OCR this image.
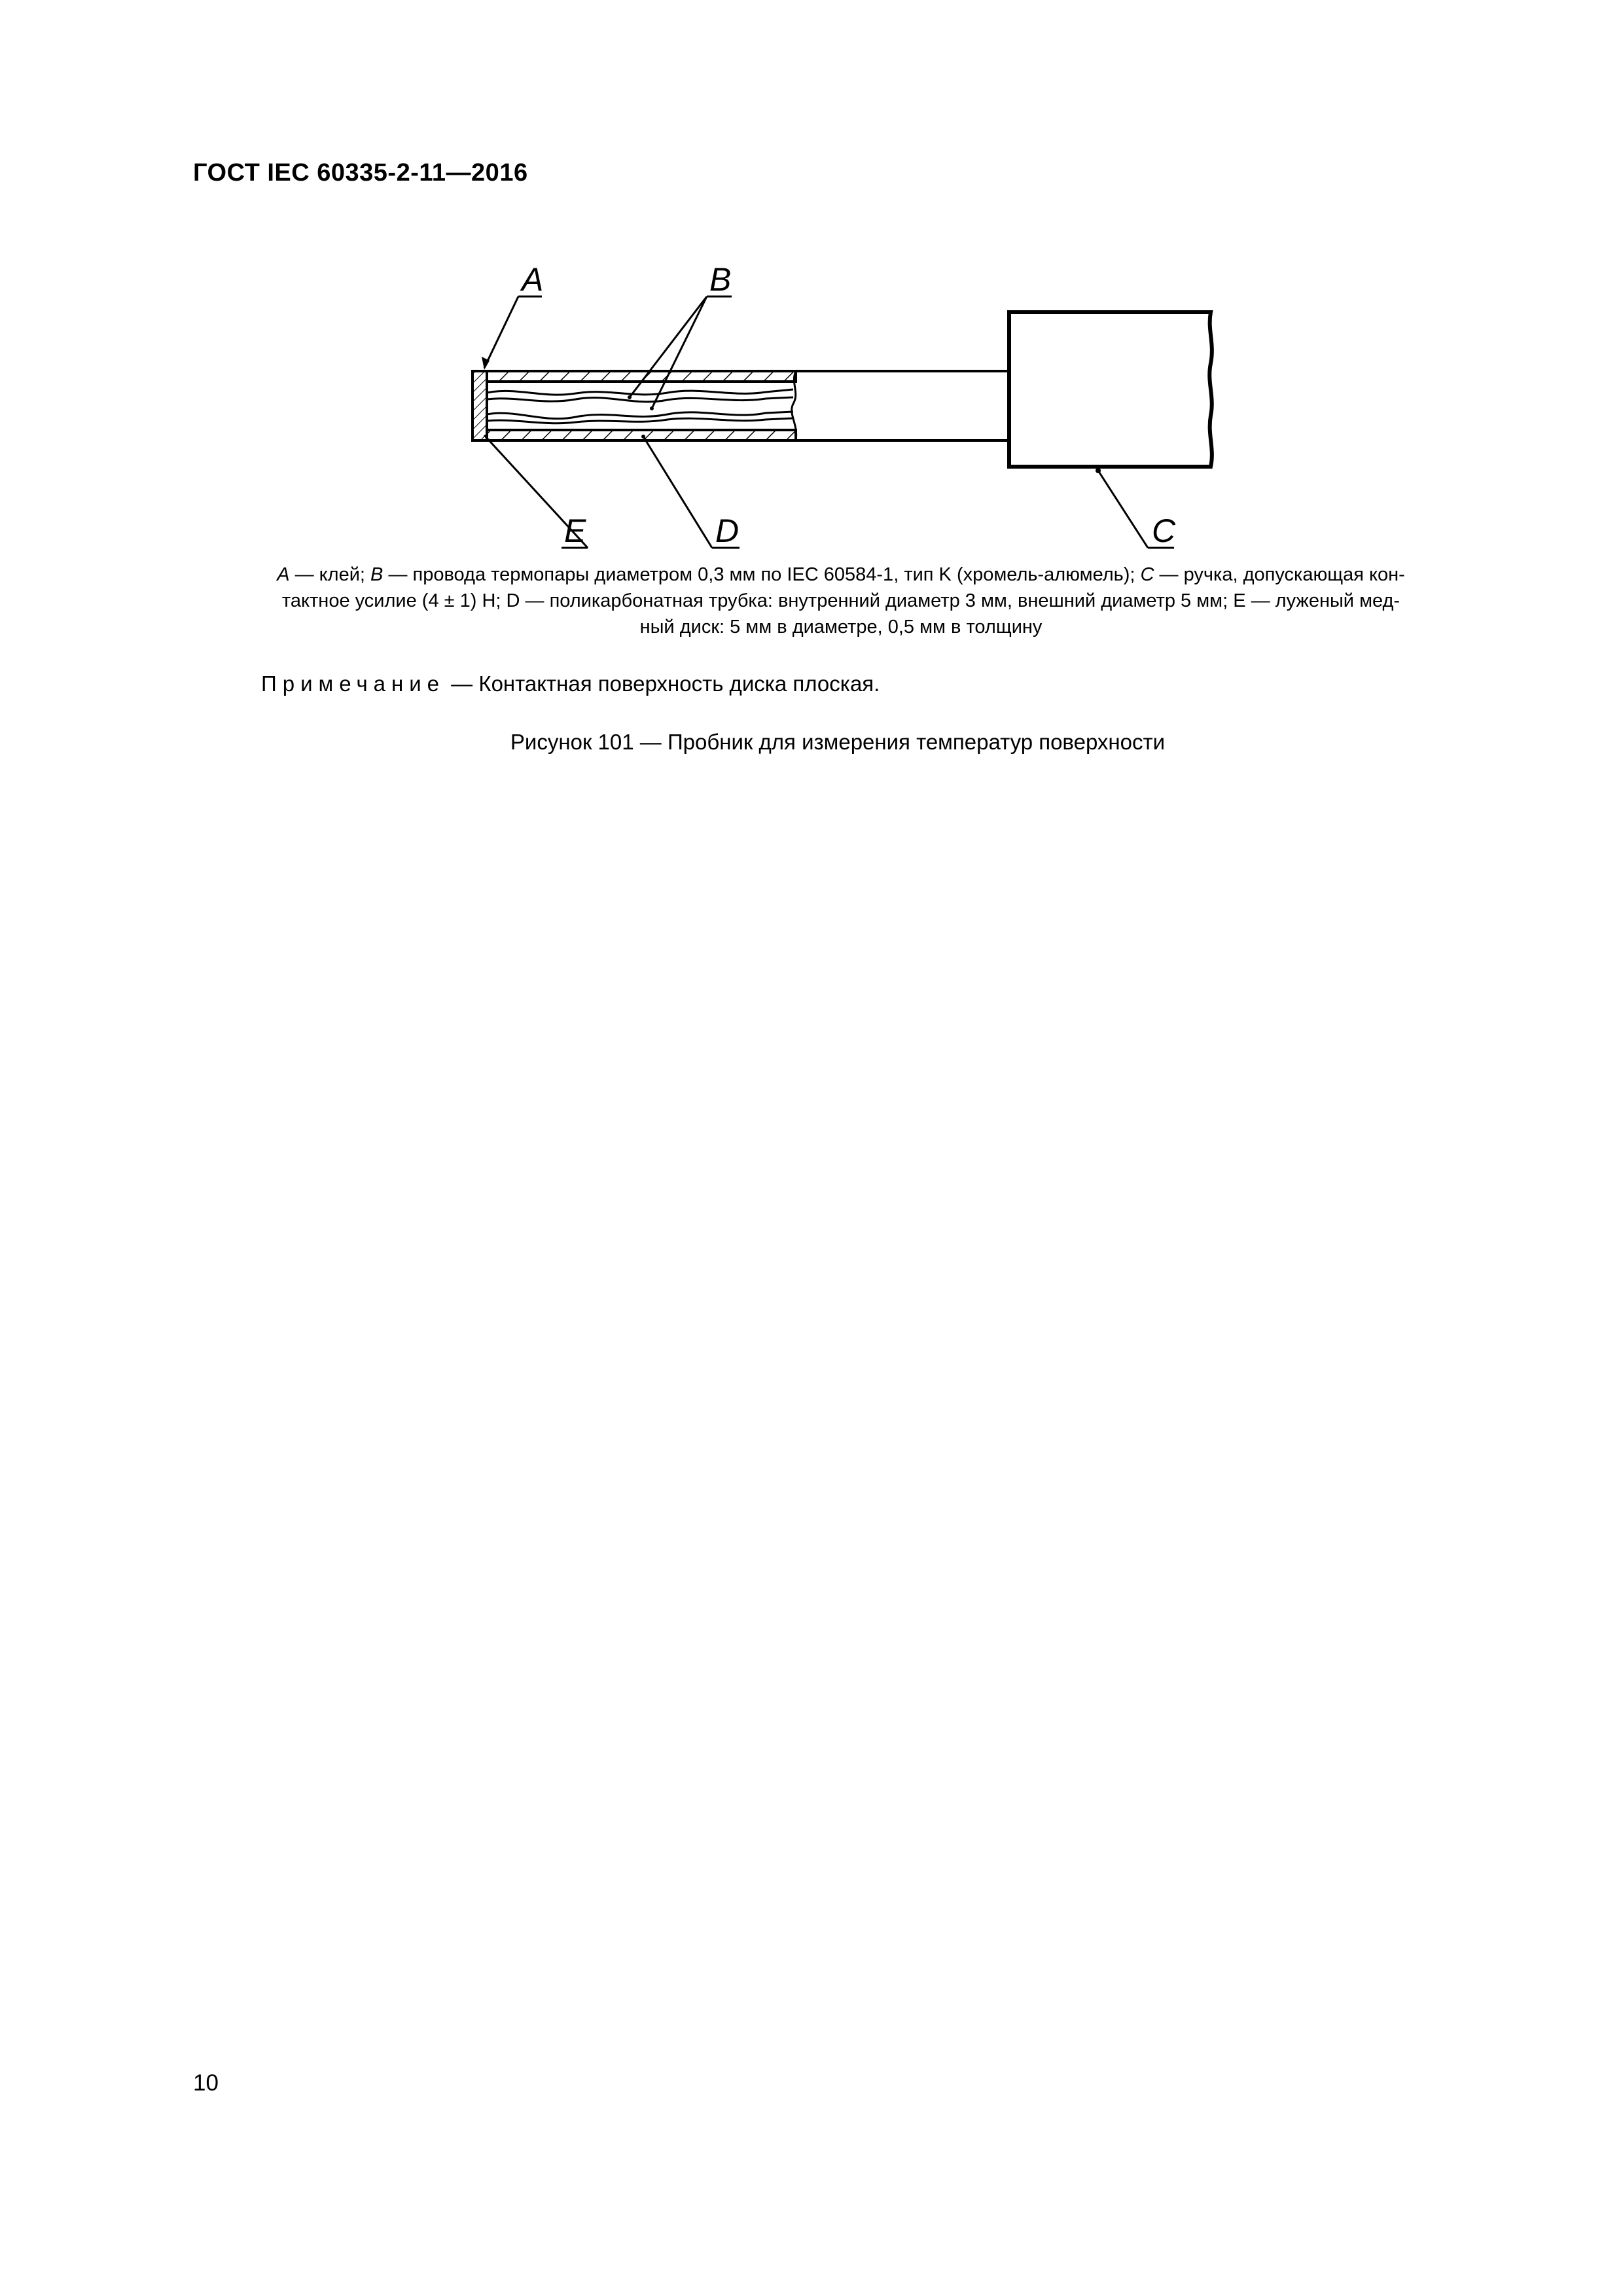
ГОСТ IEC 60335-2-11—2016
A	B
E	D	C
A — клей; B — провода термопары диаметром 0,3 мм по IEC 60584-1, тип K (хромель-алюмель); C — ручка, допускающая кон-
тактное усилие (4 ± 1) Н; D — поликарбонатная трубка: внутренний диаметр 3 мм, внешний диаметр 5 мм; E — луженый мед-
ный диск: 5 мм в диаметре, 0,5 мм в толщину
Примечание — Контактная поверхность диска плоская.
Рисунок 101 — Пробник для измерения температур поверхности
10
